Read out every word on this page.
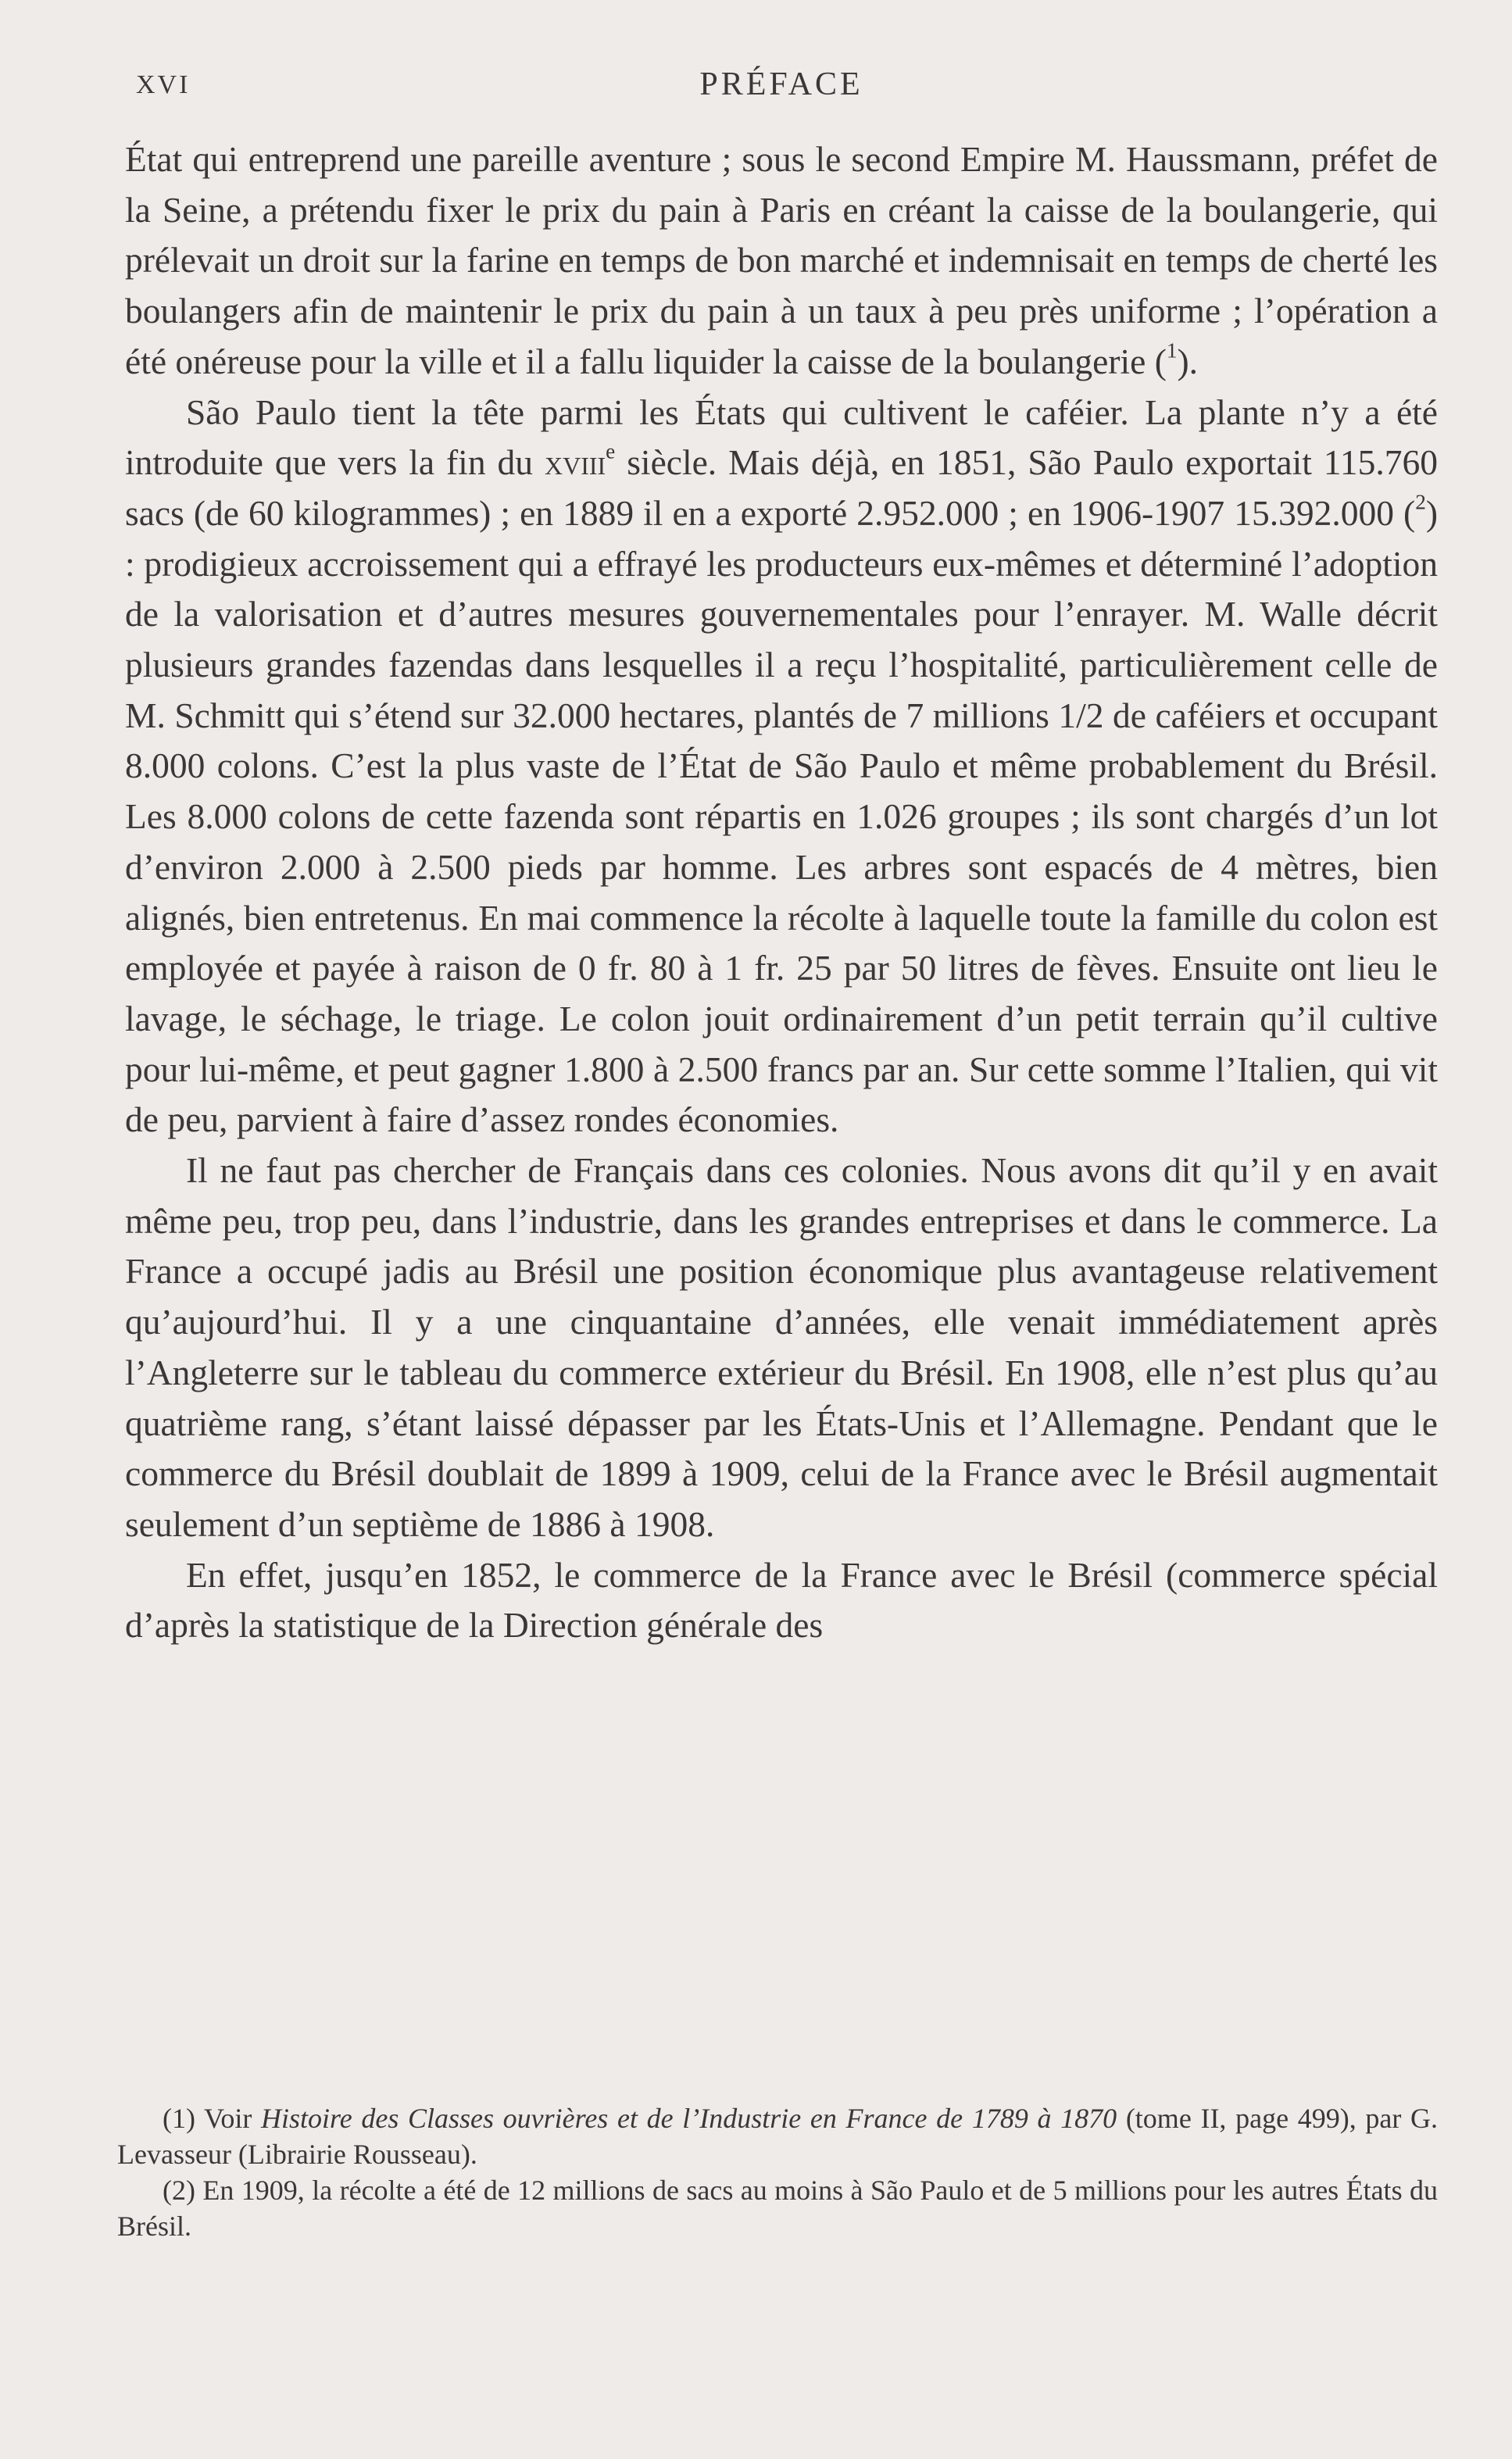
XVI	PRÉFACE

État qui entreprend une pareille aventure ; sous le second Empire M. Haussmann, préfet de la Seine, a prétendu fixer le prix du pain à Paris en créant la caisse de la boulangerie, qui prélevait un droit sur la farine en temps de bon marché et indemnisait en temps de cherté les boulangers afin de maintenir le prix du pain à un taux à peu près uniforme ; l’opération a été onéreuse pour la ville et il a fallu liquider la caisse de la boulangerie ($^1$).

São Paulo tient la tête parmi les États qui cultivent le caféier. La plante n’y a été introduite que vers la fin du xviii$^e$ siècle. Mais déjà, en 1851, São Paulo exportait 115.760 sacs (de 60 kilogrammes) ; en 1889 il en a exporté 2.952.000 ; en 1906-1907 15.392.000 ($^2$) : prodigieux accroissement qui a effrayé les producteurs eux-mêmes et déterminé l’adoption de la valorisation et d’autres mesures gouvernementales pour l’enrayer. M. Walle décrit plusieurs grandes fazendas dans lesquelles il a reçu l’hospitalité, particulièrement celle de M. Schmitt qui s’étend sur 32.000 hectares, plantés de 7 millions 1/2 de caféiers et occupant 8.000 colons. C’est la plus vaste de l’État de São Paulo et même probablement du Brésil. Les 8.000 colons de cette fazenda sont répartis en 1.026 groupes ; ils sont chargés d’un lot d’environ 2.000 à 2.500 pieds par homme. Les arbres sont espacés de 4 mètres, bien alignés, bien entretenus. En mai commence la récolte à laquelle toute la famille du colon est employée et payée à raison de 0 fr. 80 à 1 fr. 25 par 50 litres de fèves. Ensuite ont lieu le lavage, le séchage, le triage. Le colon jouit ordinairement d’un petit terrain qu’il cultive pour lui-même, et peut gagner 1.800 à 2.500 francs par an. Sur cette somme l’Italien, qui vit de peu, parvient à faire d’assez rondes économies.

Il ne faut pas chercher de Français dans ces colonies. Nous avons dit qu’il y en avait même peu, trop peu, dans l’industrie, dans les grandes entreprises et dans le commerce. La France a occupé jadis au Brésil une position économique plus avantageuse relativement qu’aujourd’hui. Il y a une cinquantaine d’années, elle venait immédiatement après l’Angleterre sur le tableau du commerce extérieur du Brésil. En 1908, elle n’est plus qu’au quatrième rang, s’étant laissé dépasser par les États-Unis et l’Allemagne. Pendant que le commerce du Brésil doublait de 1899 à 1909, celui de la France avec le Brésil augmentait seulement d’un septième de 1886 à 1908.

En effet, jusqu’en 1852, le commerce de la France avec le Brésil (commerce spécial d’après la statistique de la Direction générale des

(1) Voir Histoire des Classes ouvrières et de l’Industrie en France de 1789 à 1870 (tome II, page 499), par G. Levasseur (Librairie Rousseau).

(2) En 1909, la récolte a été de 12 millions de sacs au moins à São Paulo et de 5 millions pour les autres États du Brésil.
